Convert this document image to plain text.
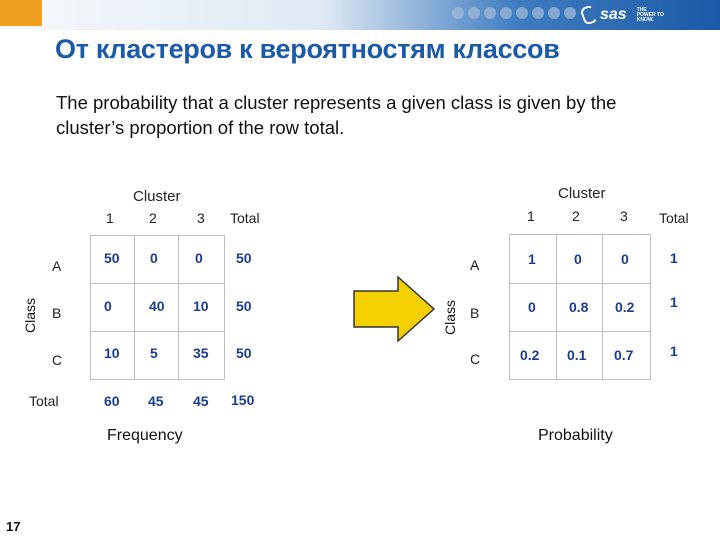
sas THE POWER TO KNOW.
От кластеров к вероятностям классов
The probability that a cluster represents a given class is given by the cluster’s proportion of the row total.
Cluster
1	2	3 Total
Class
A
B
C
Total
50 0	0 50
0	40 10 50
10 5	35 50
60 45 45 150
Frequency
Cluster
1	2	3 Total
Class
A
B
C
1	0	0	1
0 0.8 0.2	1
0.2 0.1 0.7	1
Probability
17
